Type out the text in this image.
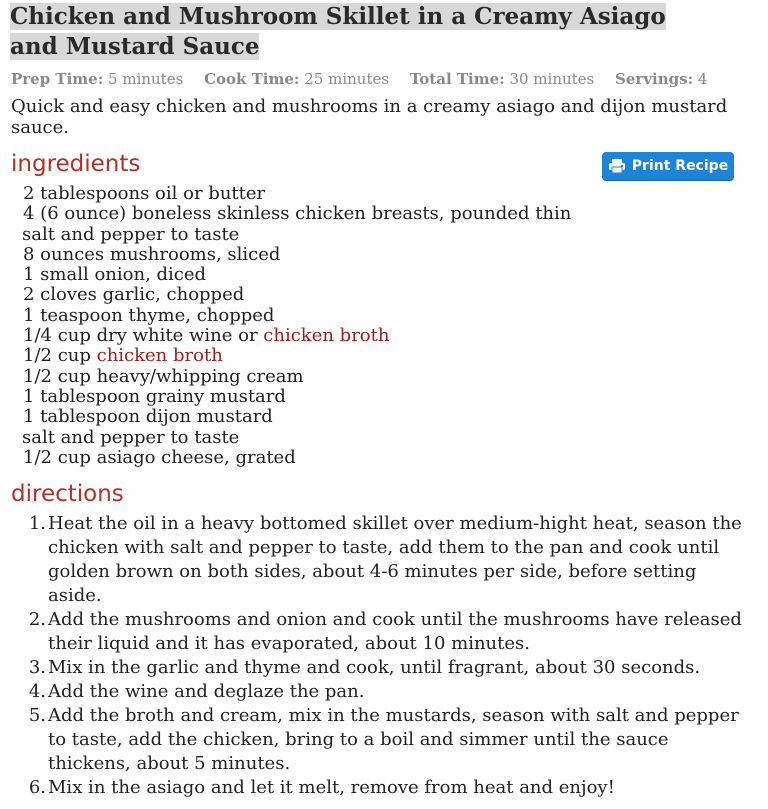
Chicken and Mushroom Skillet in a Creamy Asiago and Mustard Sauce
Prep Time: 5 minutes Cook Time: 25 minutes Total Time: 30 minutes Servings: 4
Quick and easy chicken and mushrooms in a creamy asiago and dijon mustard sauce.
ingredients	Print Recipe
2 tablespoons oil or butter
4 (6 ounce) boneless skinless chicken breasts, pounded thin
salt and pepper to taste
8 ounces mushrooms, sliced
1 small onion, diced
2 cloves garlic, chopped
1 teaspoon thyme, chopped
1/4 cup dry white wine or chicken broth
1/2 cup chicken broth
1/2 cup heavy/whipping cream
1 tablespoon grainy mustard
1 tablespoon dijon mustard
salt and pepper to taste
1/2 cup asiago cheese, grated
directions
1. Heat the oil in a heavy bottomed skillet over medium-hight heat, season the chicken with salt and pepper to taste, add them to the pan and cook until golden brown on both sides, about 4-6 minutes per side, before setting aside.
2. Add the mushrooms and onion and cook until the mushrooms have released their liquid and it has evaporated, about 10 minutes.
3. Mix in the garlic and thyme and cook, until fragrant, about 30 seconds.
4. Add the wine and deglaze the pan.
5. Add the broth and cream, mix in the mustards, season with salt and pepper to taste, add the chicken, bring to a boil and simmer until the sauce thickens, about 5 minutes.
6. Mix in the asiago and let it melt, remove from heat and enjoy!
